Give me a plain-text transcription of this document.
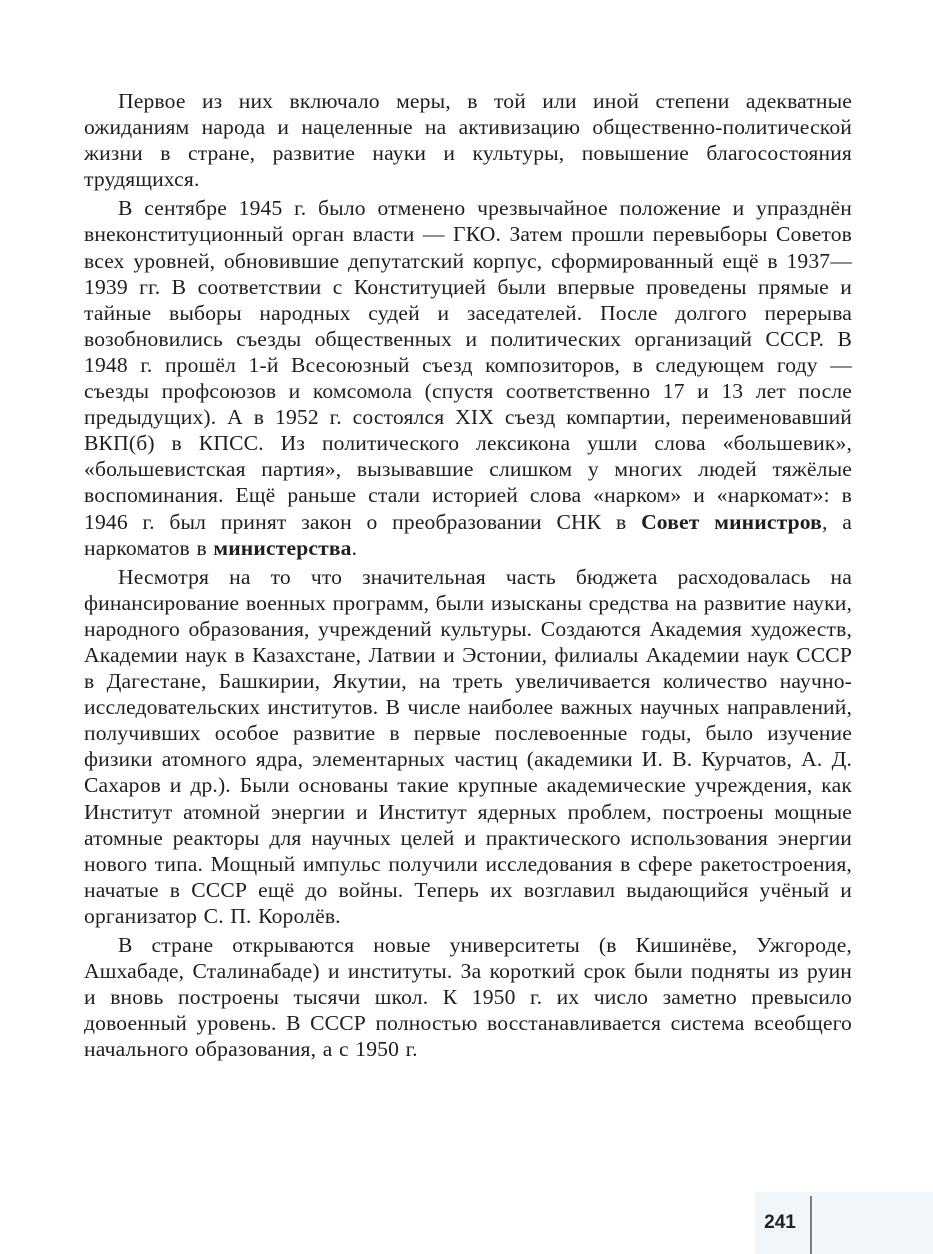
Первое из них включало меры, в той или иной степени адекватные ожиданиям народа и нацеленные на активизацию общественно-политической жизни в стране, развитие науки и культуры, повышение благосостояния трудящихся.

В сентябре 1945 г. было отменено чрезвычайное положение и упразднён внеконституционный орган власти — ГКО. Затем прошли перевыборы Советов всех уровней, обновившие депутатский корпус, сформированный ещё в 1937—1939 гг. В соответствии с Конституцией были впервые проведены прямые и тайные выборы народных судей и заседателей. После долгого перерыва возобновились съезды общественных и политических организаций СССР. В 1948 г. прошёл 1-й Всесоюзный съезд композиторов, в следующем году — съезды профсоюзов и комсомола (спустя соответственно 17 и 13 лет после предыдущих). А в 1952 г. состоялся XIX съезд компартии, переименовавший ВКП(б) в КПСС. Из политического лексикона ушли слова «большевик», «большевистская партия», вызывавшие слишком у многих людей тяжёлые воспоминания. Ещё раньше стали историей слова «нарком» и «наркомат»: в 1946 г. был принят закон о преобразовании СНК в Совет министров, а наркоматов в министерства.

Несмотря на то что значительная часть бюджета расходовалась на финансирование военных программ, были изысканы средства на развитие науки, народного образования, учреждений культуры. Создаются Академия художеств, Академии наук в Казахстане, Латвии и Эстонии, филиалы Академии наук СССР в Дагестане, Башкирии, Якутии, на треть увеличивается количество научно-исследовательских институтов. В числе наиболее важных научных направлений, получивших особое развитие в первые послевоенные годы, было изучение физики атомного ядра, элементарных частиц (академики И. В. Курчатов, А. Д. Сахаров и др.). Были основаны такие крупные академические учреждения, как Институт атомной энергии и Институт ядерных проблем, построены мощные атомные реакторы для научных целей и практического использования энергии нового типа. Мощный импульс получили исследования в сфере ракетостроения, начатые в СССР ещё до войны. Теперь их возглавил выдающийся учёный и организатор С. П. Королёв.

В стране открываются новые университеты (в Кишинёве, Ужгороде, Ашхабаде, Сталинабаде) и институты. За короткий срок были подняты из руин и вновь построены тысячи школ. К 1950 г. их число заметно превысило довоенный уровень. В СССР полностью восстанавливается система всеобщего начального образования, а с 1950 г.

241
